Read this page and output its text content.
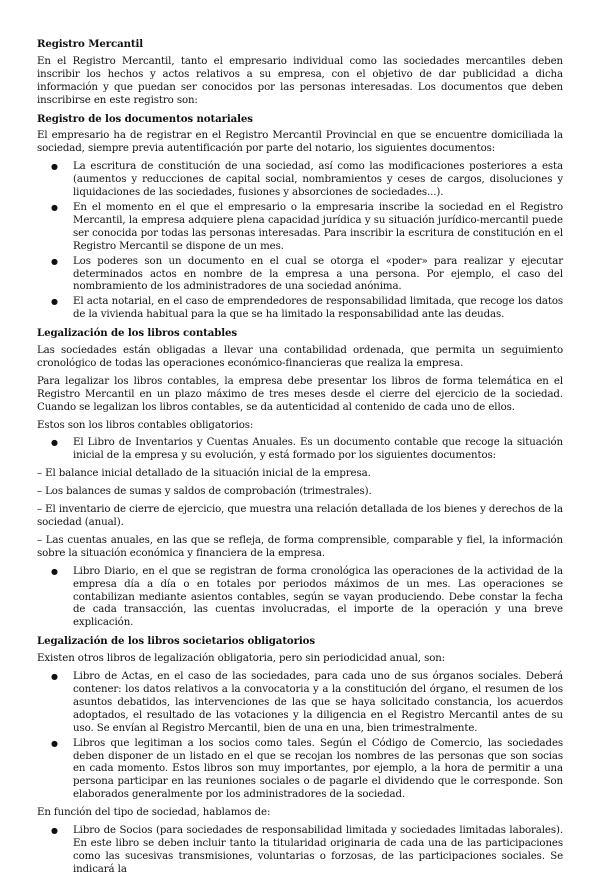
Registro Mercantil

En el Registro Mercantil, tanto el empresario individual como las sociedades mercantiles deben inscribir los hechos y actos relativos a su empresa, con el objetivo de dar publicidad a dicha información y que puedan ser conocidos por las personas interesadas. Los documentos que deben inscribirse en este registro son:

Registro de los documentos notariales

El empresario ha de registrar en el Registro Mercantil Provincial en que se encuentre domiciliada la sociedad, siempre previa autentificación por parte del notario, los siguientes documentos:

● La escritura de constitución de una sociedad, así como las modificaciones posteriores a esta (aumentos y reducciones de capital social, nombramientos y ceses de cargos, disoluciones y liquidaciones de las sociedades, fusiones y absorciones de sociedades...).
● En el momento en el que el empresario o la empresaria inscribe la sociedad en el Registro Mercantil, la empresa adquiere plena capacidad jurídica y su situación jurídico-mercantil puede ser conocida por todas las personas interesadas. Para inscribir la escritura de constitución en el Registro Mercantil se dispone de un mes.
● Los poderes son un documento en el cual se otorga el «poder» para realizar y ejecutar determinados actos en nombre de la empresa a una persona. Por ejemplo, el caso del nombramiento de los administradores de una sociedad anónima.
● El acta notarial, en el caso de emprendedores de responsabilidad limitada, que recoge los datos de la vivienda habitual para la que se ha limitado la responsabilidad ante las deudas.
Legalización de los libros contables

Las sociedades están obligadas a llevar una contabilidad ordenada, que permita un seguimiento cronológico de todas las operaciones económico-financieras que realiza la empresa.

Para legalizar los libros contables, la empresa debe presentar los libros de forma telemática en el Registro Mercantil en un plazo máximo de tres meses desde el cierre del ejercicio de la sociedad. Cuando se legalizan los libros contables, se da autenticidad al contenido de cada uno de ellos.

Estos son los libros contables obligatorios:

● El Libro de Inventarios y Cuentas Anuales. Es un documento contable que recoge la situación inicial de la empresa y su evolución, y está formado por los siguientes documentos:

– El balance inicial detallado de la situación inicial de la empresa.

– Los balances de sumas y saldos de comprobación (trimestrales).

– El inventario de cierre de ejercicio, que muestra una relación detallada de los bienes y derechos de la sociedad (anual).

– Las cuentas anuales, en las que se refleja, de forma comprensible, comparable y fiel, la información sobre la situación económica y financiera de la empresa.

● Libro Diario, en el que se registran de forma cronológica las operaciones de la actividad de la empresa día a día o en totales por periodos máximos de un mes. Las operaciones se contabilizan mediante asientos contables, según se vayan produciendo. Debe constar la fecha de cada transacción, las cuentas involucradas, el importe de la operación y una breve explicación.
Legalización de los libros societarios obligatorios

Existen otros libros de legalización obligatoria, pero sin periodicidad anual, son:

● Libro de Actas, en el caso de las sociedades, para cada uno de sus órganos sociales. Deberá contener: los datos relativos a la convocatoria y a la constitución del órgano, el resumen de los asuntos debatidos, las intervenciones de las que se haya solicitado constancia, los acuerdos adoptados, el resultado de las votaciones y la diligencia en el Registro Mercantil antes de su uso. Se envían al Registro Mercantil, bien de una en una, bien trimestralmente.
● Libros que legitiman a los socios como tales. Según el Código de Comercio, las sociedades deben disponer de un listado en el que se recojan los nombres de las personas que son socias en cada momento. Estos libros son muy importantes, por ejemplo, a la hora de permitir a una persona participar en las reuniones sociales o de pagarle el dividendo que le corresponde. Son elaborados generalmente por los administradores de la sociedad.

En función del tipo de sociedad, hablamos de:

● Libro de Socios (para sociedades de responsabilidad limitada y sociedades limitadas laborales). En este libro se deben incluir tanto la titularidad originaria de cada una de las participaciones como las sucesivas transmisiones, voluntarias o forzosas, de las participaciones sociales. Se indicará la
